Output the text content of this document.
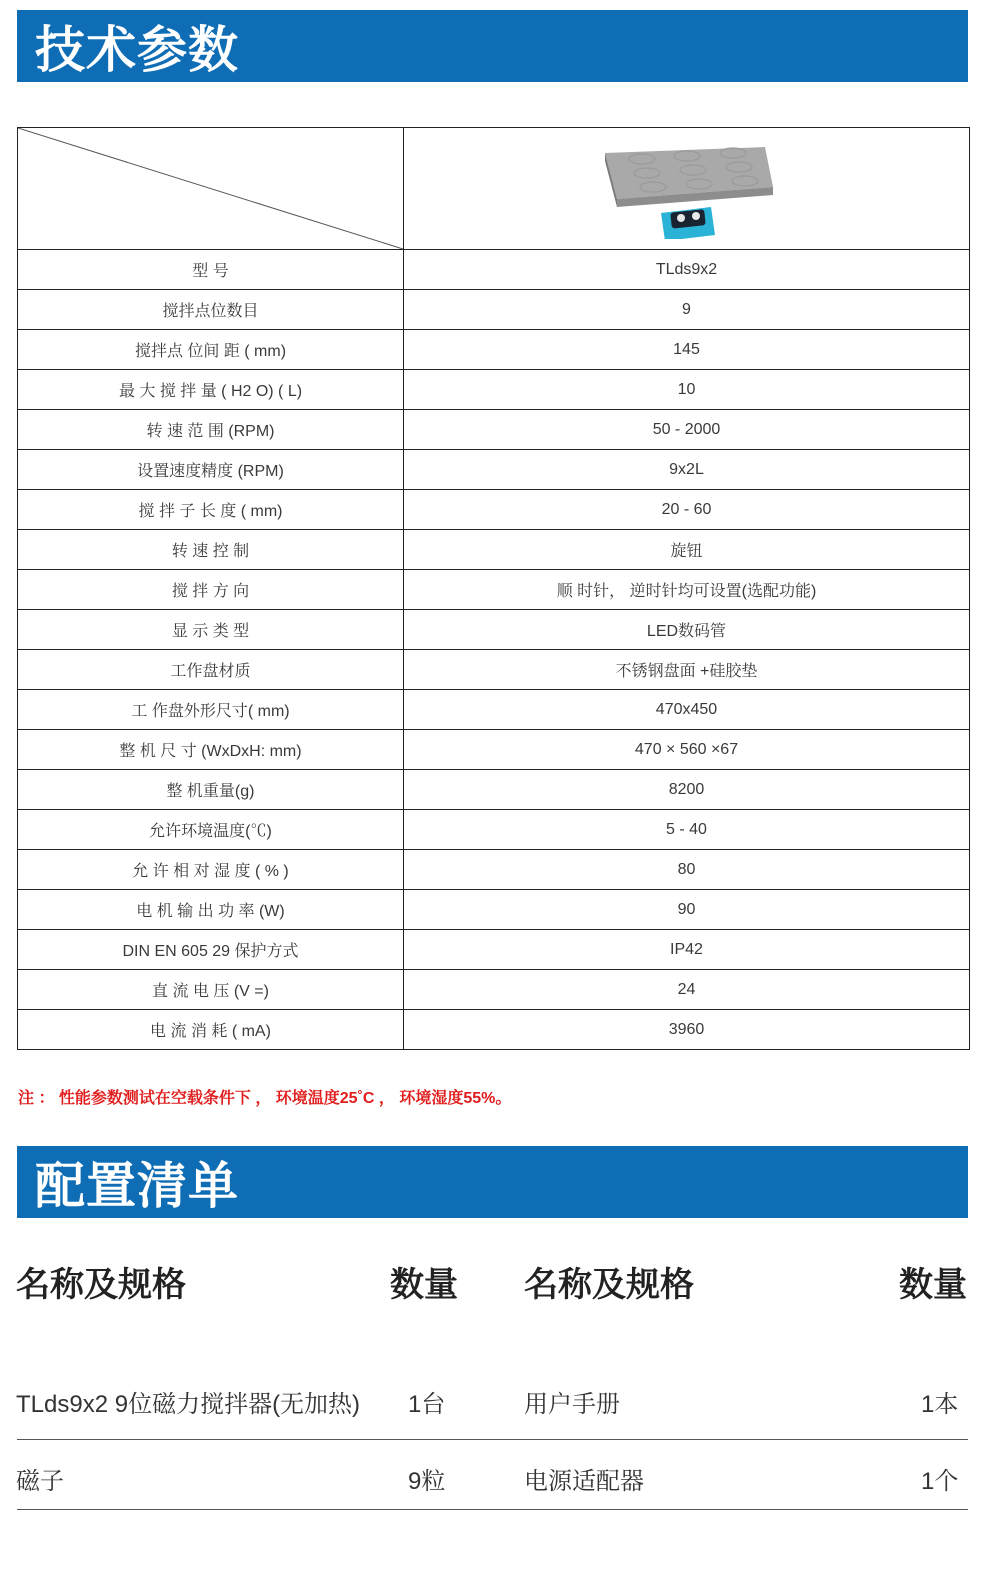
技术参数

型 号	TLds9x2
搅拌点位数目	9
搅拌点 位间 距 ( mm)	145
最 大 搅 拌 量 ( H2 O) ( L)	10
转 速 范 围 (RPM)	50 - 2000
设置速度精度 (RPM)	9x2L
搅 拌 子 长 度 ( mm)	20 - 60
转 速 控 制	旋钮
搅 拌 方 向	顺 时针， 逆时针均可设置(选配功能)
显 示 类 型	LED数码管
工作盘材质	不锈钢盘面 +硅胶垫
工 作盘外形尺寸( mm)	470x450
整 机 尺 寸 (WxDxH: mm)	470 × 560 ×67
整 机重量(g)	8200
允许环境温度(℃)	5 - 40
允 许 相 对 湿 度 ( % )	80
电 机 输 出 功 率 (W)	90
DIN EN 605 29 保护方式	IP42
直 流 电 压 (V =)	24
电 流 消 耗 ( mA)	3960
注 ： 性能参数测试在空载条件下 ， 环境温度25˚C ， 环境湿度55%。
配置清单
名称及规格	数量 名称及规格	数量
TLds9x2 9位磁力搅拌器(无加热) 1台	用户手册	1本
磁子	9粒	电源适配器	1个
